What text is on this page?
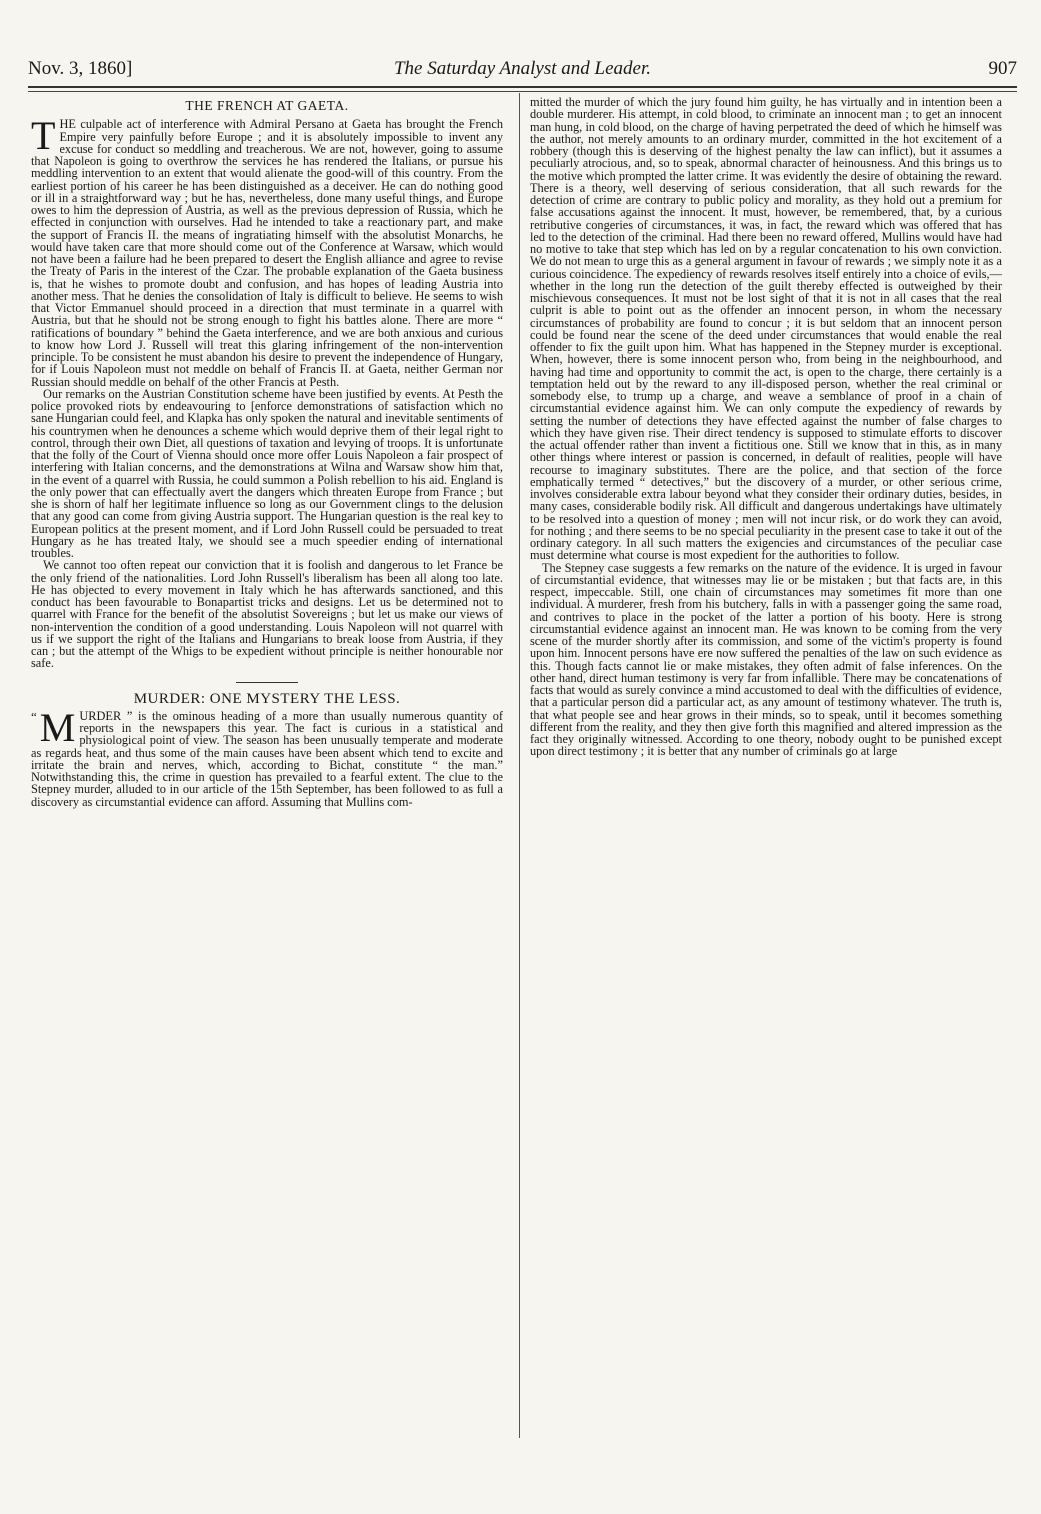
Nov. 3, 1860]	The Saturday Analyst and Leader.	907
THE FRENCH AT GAETA.

THE culpable act of interference with Admiral Persano at Gaeta has brought the French Empire very painfully before Europe ; and it is absolutely impossible to invent any excuse for conduct so meddling and treacherous. We are not, however, going to assume that Napoleon is going to overthrow the services he has rendered the Italians, or pursue his meddling intervention to an extent that would alienate the good-will of this country. From the earliest portion of his career he has been distinguished as a deceiver. He can do nothing good or ill in a straightforward way ; but he has, nevertheless, done many useful things, and Europe owes to him the depression of Austria, as well as the previous depression of Russia, which he effected in conjunction with ourselves. Had he intended to take a reactionary part, and make the support of Francis II. the means of ingratiating himself with the absolutist Monarchs, he would have taken care that more should come out of the Conference at Warsaw, which would not have been a failure had he been prepared to desert the English alliance and agree to revise the Treaty of Paris in the interest of the Czar. The probable explanation of the Gaeta business is, that he wishes to promote doubt and confusion, and has hopes of leading Austria into another mess. That he denies the consolidation of Italy is difficult to believe. He seems to wish that Victor Emmanuel should proceed in a direction that must terminate in a quarrel with Austria, but that he should not be strong enough to fight his battles alone. There are more “ ratifications of boundary ” behind the Gaeta interference, and we are both anxious and curious to know how Lord J. Russell will treat this glaring infringement of the non-intervention principle. To be consistent he must abandon his desire to prevent the independence of Hungary, for if Louis Napoleon must not meddle on behalf of Francis II. at Gaeta, neither German nor Russian should meddle on behalf of the other Francis at Pesth.

Our remarks on the Austrian Constitution scheme have been justified by events. At Pesth the police provoked riots by endeavouring to [enforce demonstrations of satisfaction which no sane Hungarian could feel, and Klapka has only spoken the natural and inevitable sentiments of his countrymen when he denounces a scheme which would deprive them of their legal right to control, through their own Diet, all questions of taxation and levying of troops. It is unfortunate that the folly of the Court of Vienna should once more offer Louis Napoleon a fair prospect of interfering with Italian concerns, and the demonstrations at Wilna and Warsaw show him that, in the event of a quarrel with Russia, he could summon a Polish rebellion to his aid. England is the only power that can effectually avert the dangers which threaten Europe from France ; but she is shorn of half her legitimate influence so long as our Government clings to the delusion that any good can come from giving Austria support. The Hungarian question is the real key to European politics at the present moment, and if Lord John Russell could be persuaded to treat Hungary as he has treated Italy, we should see a much speedier ending of international troubles.

We cannot too often repeat our conviction that it is foolish and dangerous to let France be the only friend of the nationalities. Lord John Russell's liberalism has been all along too late. He has objected to every movement in Italy which he has afterwards sanctioned, and this conduct has been favourable to Bonapartist tricks and designs. Let us be determined not to quarrel with France for the benefit of the absolutist Sovereigns ; but let us make our views of non-intervention the condition of a good understanding. Louis Napoleon will not quarrel with us if we support the right of the Italians and Hungarians to break loose from Austria, if they can ; but the attempt of the Whigs to be expedient without principle is neither honourable nor safe.

MURDER: ONE MYSTERY THE LESS.

“ M URDER ” is the ominous heading of a more than usually numerous quantity of reports in the newspapers this year. The fact is curious in a statistical and physiological point of view. The season has been unusually temperate and moderate as regards heat, and thus some of the main causes have been absent which tend to excite and irritate the brain and nerves, which, according to Bichat, constitute “ the man.” Notwithstanding this, the crime in question has prevailed to a fearful extent. The clue to the Stepney murder, alluded to in our article of the 15th September, has been followed to as full a discovery as circumstantial evidence can afford. Assuming that Mullins com-

mitted the murder of which the jury found him guilty, he has virtually and in intention been a double murderer. His attempt, in cold blood, to criminate an innocent man ; to get an innocent man hung, in cold blood, on the charge of having perpetrated the deed of which he himself was the author, not merely amounts to an ordinary murder, committed in the hot excitement of a robbery (though this is deserving of the highest penalty the law can inflict), but it assumes a peculiarly atrocious, and, so to speak, abnormal character of heinousness. And this brings us to the motive which prompted the latter crime. It was evidently the desire of obtaining the reward. There is a theory, well deserving of serious consideration, that all such rewards for the detection of crime are contrary to public policy and morality, as they hold out a premium for false accusations against the innocent. It must, however, be remembered, that, by a curious retributive congeries of circumstances, it was, in fact, the reward which was offered that has led to the detection of the criminal. Had there been no reward offered, Mullins would have had no motive to take that step which has led on by a regular concatenation to his own conviction. We do not mean to urge this as a general argument in favour of rewards ; we simply note it as a curious coincidence. The expediency of rewards resolves itself entirely into a choice of evils,—whether in the long run the detection of the guilt thereby effected is outweighed by their mischievous consequences. It must not be lost sight of that it is not in all cases that the real culprit is able to point out as the offender an innocent person, in whom the necessary circumstances of probability are found to concur ; it is but seldom that an innocent person could be found near the scene of the deed under circumstances that would enable the real offender to fix the guilt upon him. What has happened in the Stepney murder is exceptional. When, however, there is some innocent person who, from being in the neighbourhood, and having had time and opportunity to commit the act, is open to the charge, there certainly is a temptation held out by the reward to any ill-disposed person, whether the real criminal or somebody else, to trump up a charge, and weave a semblance of proof in a chain of circumstantial evidence against him. We can only compute the expediency of rewards by setting the number of detections they have effected against the number of false charges to which they have given rise. Their direct tendency is supposed to stimulate efforts to discover the actual offender rather than invent a fictitious one. Still we know that in this, as in many other things where interest or passion is concerned, in default of realities, people will have recourse to imaginary substitutes. There are the police, and that section of the force emphatically termed “ detectives,” but the discovery of a murder, or other serious crime, involves considerable extra labour beyond what they consider their ordinary duties, besides, in many cases, considerable bodily risk. All difficult and dangerous undertakings have ultimately to be resolved into a question of money ; men will not incur risk, or do work they can avoid, for nothing ; and there seems to be no special peculiarity in the present case to take it out of the ordinary category. In all such matters the exigencies and circumstances of the peculiar case must determine what course is most expedient for the authorities to follow.

The Stepney case suggests a few remarks on the nature of the evidence. It is urged in favour of circumstantial evidence, that witnesses may lie or be mistaken ; but that facts are, in this respect, impeccable. Still, one chain of circumstances may sometimes fit more than one individual. A murderer, fresh from his butchery, falls in with a passenger going the same road, and contrives to place in the pocket of the latter a portion of his booty. Here is strong circumstantial evidence against an innocent man. He was known to be coming from the very scene of the murder shortly after its commission, and some of the victim's property is found upon him. Innocent persons have ere now suffered the penalties of the law on such evidence as this. Though facts cannot lie or make mistakes, they often admit of false inferences. On the other hand, direct human testimony is very far from infallible. There may be concatenations of facts that would as surely convince a mind accustomed to deal with the difficulties of evidence, that a particular person did a particular act, as any amount of testimony whatever. The truth is, that what people see and hear grows in their minds, so to speak, until it becomes something different from the reality, and they then give forth this magnified and altered impression as the fact they originally witnessed. According to one theory, nobody ought to be punished except upon direct testimony ; it is better that any number of criminals go at large
